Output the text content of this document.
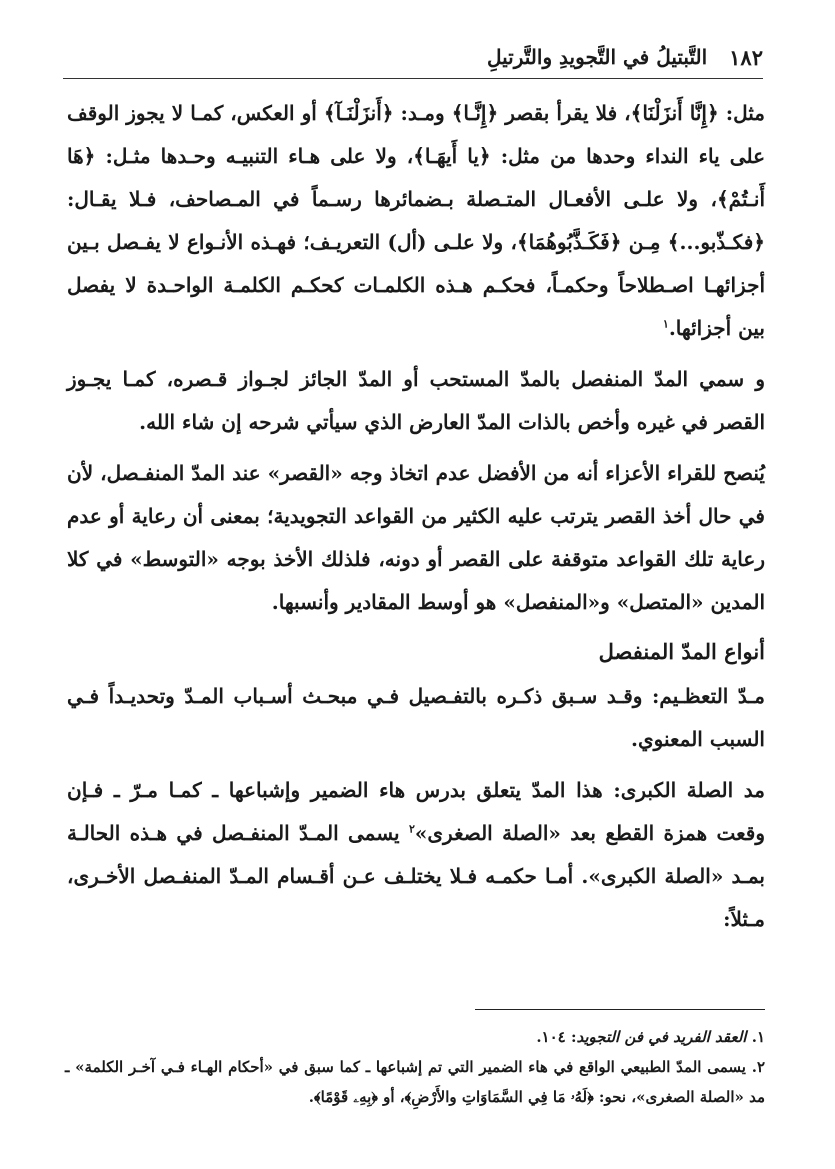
١٨٢
التَّبتيلُ في التَّجويدِ والتَّرتيلِ

مثل: ﴿إِنَّا أَنزَلْنَا﴾، فلا يقرأ بقصر ﴿إِنَّـا﴾ ومـد: ﴿أَنزَلْنَـآ﴾ أو العكس، كمـا لا يجوز الوقف على ياء النداء وحدها من مثل: ﴿يا أَيهَـا﴾، ولا على هـاء التنبيـه وحـدها مثـل: ﴿هَا أَنـتُمْ﴾، ولا علـى الأفعـال المتـصلة بـضمائرها رسـماً في المـصاحف، فـلا يقـال: ﴿فكـذّبو...﴾ مِـن ﴿فَكَـذَّبُوهُمَا﴾، ولا علـى (أل) التعريـف؛ فهـذه الأنـواع لا يفـصل بـين أجزائهـا اصـطلاحاً وحكمـاً، فحكـم هـذه الكلمـات كحكـم الكلمـة الواحـدة لا يفصل بين أجزائها.$^١$

و سمي المدّ المنفصل بالمدّ المستحب أو المدّ الجائز لجـواز قـصره، كمـا يجـوز القصر في غيره وأخص بالذات المدّ العارض الذي سيأتي شرحه إن شاء الله.

يُنصح للقراء الأعزاء أنه من الأفضل عدم اتخاذ وجه «القصر» عند المدّ المنفـصل، لأن في حال أخذ القصر يترتب عليه الكثير من القواعد التجويدية؛ بمعنى أن رعاية أو عدم رعاية تلك القواعد متوقفة على القصر أو دونه، فلذلك الأخذ بوجه «التوسط» في كلا المدين «المتصل» و«المنفصل» هو أوسط المقادير وأنسبها.

أنواع المدّ المنفصل

مـدّ التعظـيم: وقـد سـبق ذكـره بالتفـصيل فـي مبحـث أسـباب المـدّ وتحديـداً فـي السبب المعنوي.

مد الصلة الكبرى: هذا المدّ يتعلق بدرس هاء الضمير وإشباعها ـ كمـا مـرّ ـ فـإن وقعت همزة القطع بعد «الصلة الصغرى»$^٢$ يسمى المـدّ المنفـصل في هـذه الحالـة بمـد «الصلة الكبرى». أمـا حكمـه فـلا يختلـف عـن أقـسام المـدّ المنفـصل الأخـرى، مـثلاً:

١. العقد الفريد في فن التجويد: ١٠٤.

٢. يسمى المدّ الطبيعي الواقع في هاء الضمير التي تم إشباعها ـ كما سبق في «أحكام الهـاء فـي آخـر الكلمة» ـ مد «الصلة الصغرى»، نحو: ﴿لَهُۥ مَا فِي السَّمَاوَاتِ والأَرْضِ﴾، أو ﴿بِهِۦ قَوْمًا﴾.
